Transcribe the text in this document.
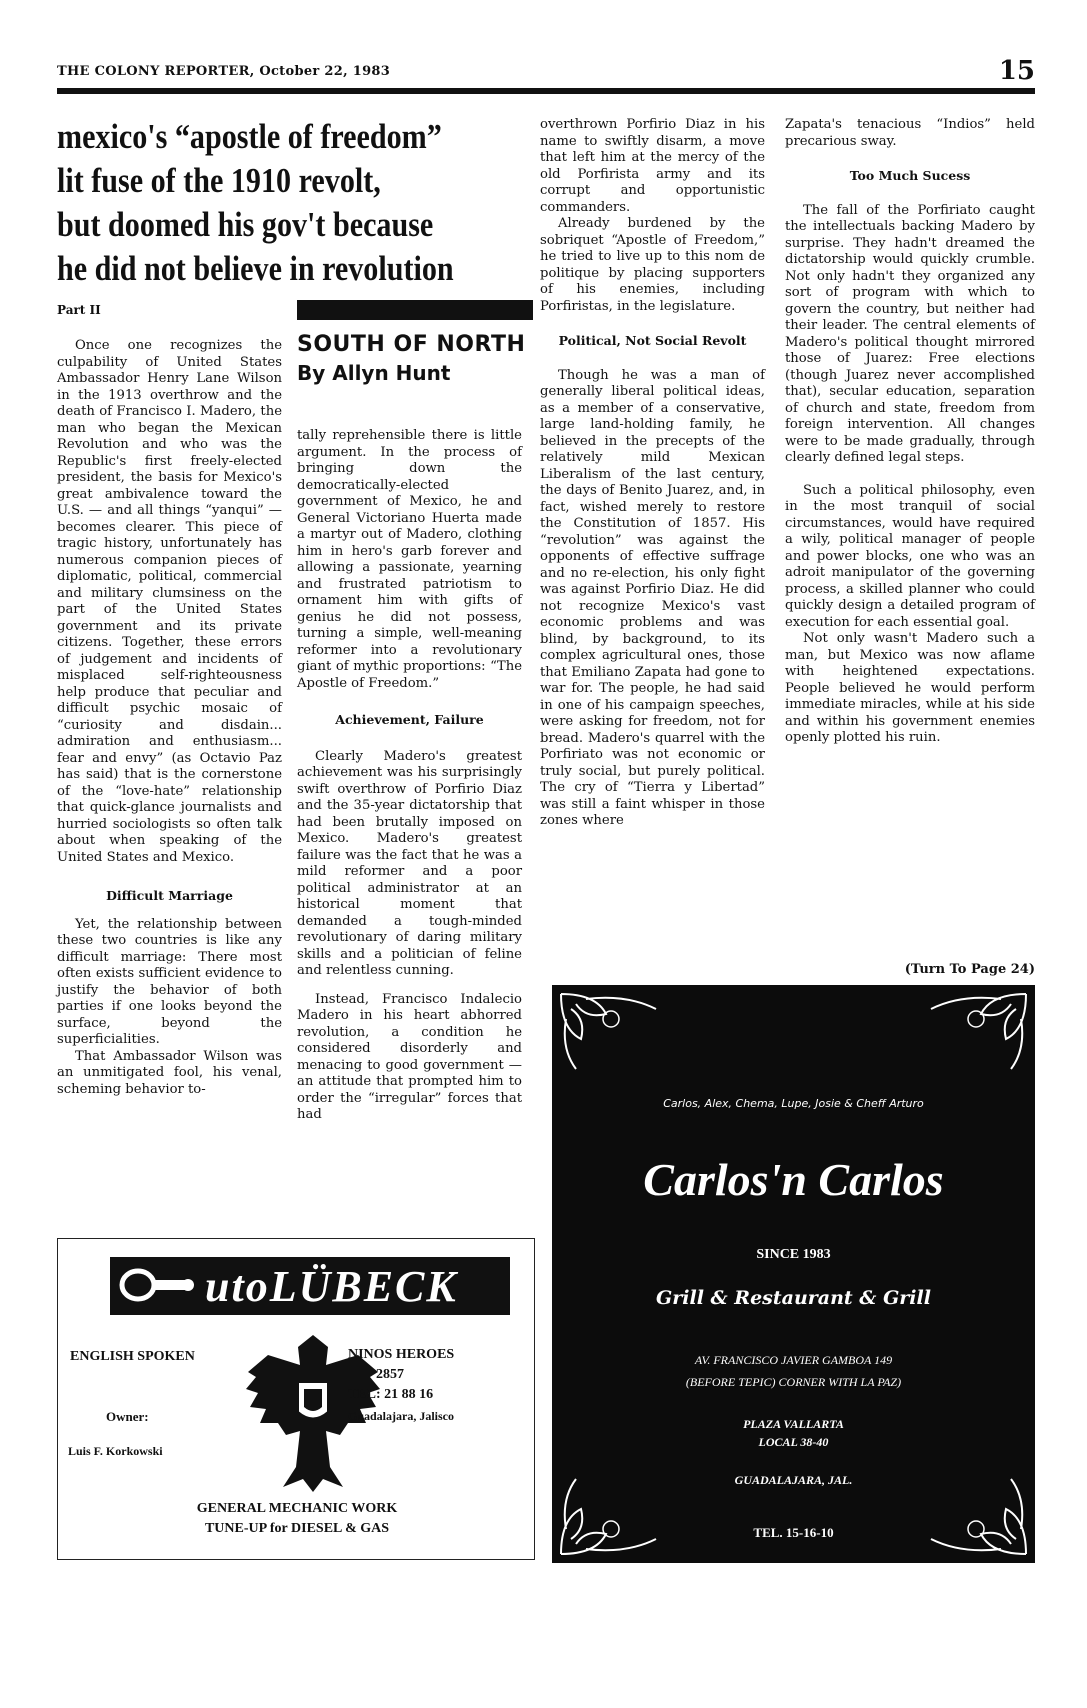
THE COLONY REPORTER, October 22, 1983	15
mexico's “apostle of freedom”
lit fuse of the 1910 revolt,
but doomed his gov't because
he did not believe in revolution
Part II
SOUTH OF NORTH
By Allyn Hunt

Once one recognizes the culpability of United States Ambassador Henry Lane Wilson in the 1913 overthrow and the death of Francisco I. Madero, the man who began the Mexican Revolution and who was the Republic's first freely-elected president, the basis for Mexico's great ambivalence toward the U.S. — and all things “yanqui” — becomes clearer. This piece of tragic history, unfortunately has numerous companion pieces of diplomatic, political, commercial and military clumsiness on the part of the United States government and its private citizens. Together, these errors of judgement and incidents of misplaced self-righteousness help produce that peculiar and difficult psychic mosaic of “curiosity and disdain... admiration and enthusiasm... fear and envy” (as Octavio Paz has said) that is the cornerstone of the “love-hate” relationship that quick-glance journalists and hurried sociologists so often talk about when speaking of the United States and Mexico.

Difficult Marriage

Yet, the relationship between these two countries is like any difficult marriage: There most often exists sufficient evidence to justify the behavior of both parties if one looks beyond the surface, beyond the superficialities.

That Ambassador Wilson was an unmitigated fool, his venal, scheming behavior to-

tally reprehensible there is little argument. In the process of bringing down the democratically-elected government of Mexico, he and General Victoriano Huerta made a martyr out of Madero, clothing him in hero's garb forever and allowing a passionate, yearning and frustrated patriotism to ornament him with gifts of genius he did not possess, turning a simple, well-meaning reformer into a revolutionary giant of mythic proportions: “The Apostle of Freedom.”

Achievement, Failure

Clearly Madero's greatest achievement was his surprisingly swift overthrow of Porfirio Diaz and the 35-year dictatorship that had been brutally imposed on Mexico. Madero's greatest failure was the fact that he was a mild reformer and a poor political administrator at an historical moment that demanded a tough-minded revolutionary of daring military skills and a politician of feline and relentless cunning.

Instead, Francisco Indalecio Madero in his heart abhorred revolution, a condition he considered disorderly and menacing to good government — an attitude that prompted him to order the “irregular” forces that had

overthrown Porfirio Diaz in his name to swiftly disarm, a move that left him at the mercy of the old Porfirista army and its corrupt and opportunistic commanders.

Already burdened by the sobriquet “Apostle of Freedom,” he tried to live up to this nom de politique by placing supporters of his enemies, including Porfiristas, in the legislature.

Political, Not Social Revolt

Though he was a man of generally liberal political ideas, as a member of a conservative, large land-holding family, he believed in the precepts of the relatively mild Mexican Liberalism of the last century, the days of Benito Juarez, and, in fact, wished merely to restore the Constitution of 1857. His “revolution” was against the opponents of effective suffrage and no re-election, his only fight was against Porfirio Diaz. He did not recognize Mexico's vast economic problems and was blind, by background, to its complex agricultural ones, those that Emiliano Zapata had gone to war for. The people, he had said in one of his campaign speeches, were asking for freedom, not for bread. Madero's quarrel with the Porfiriato was not economic or truly social, but purely political. The cry of “Tierra y Libertad” was still a faint whisper in those zones where

Zapata's tenacious “Indios” held precarious sway.

Too Much Sucess

The fall of the Porfiriato caught the intellectuals backing Madero by surprise. They hadn't dreamed the dictatorship would quickly crumble. Not only hadn't they organized any sort of program with which to govern the country, but neither had their leader. The central elements of Madero's political thought mirrored those of Juarez: Free elections (though Juarez never accomplished that), secular education, separation of church and state, freedom from foreign intervention. All changes were to be made gradually, through clearly defined legal steps.

Such a political philosophy, even in the most tranquil of social circumstances, would have required a wily, political manager of people and power blocks, one who was an adroit manipulator of the governing process, a skilled planner who could quickly design a detailed program of execution for each essential goal.

Not only wasn't Madero such a man, but Mexico was now aflame with heightened expectations. People believed he would perform immediate miracles, while at his side and within his government enemies openly plotted his ruin.

(Turn To Page 24)
utoLÜBECK
ENGLISH SPOKEN
Owner:
Luis F. Korkowski
NINOS HEROES
2857
TEL: 21 88 16
Guadalajara, Jalisco
GENERAL MECHANIC WORK
TUNE-UP for DIESEL & GAS
Carlos, Alex, Chema, Lupe, Josie & Cheff Arturo
Carlos'n Carlos
SINCE 1983
Grill & Restaurant & Grill
AV. FRANCISCO JAVIER GAMBOA 149
(BEFORE TEPIC) CORNER WITH LA PAZ)
PLAZA VALLARTA
LOCAL 38-40
GUADALAJARA, JAL.
TEL. 15-16-10
